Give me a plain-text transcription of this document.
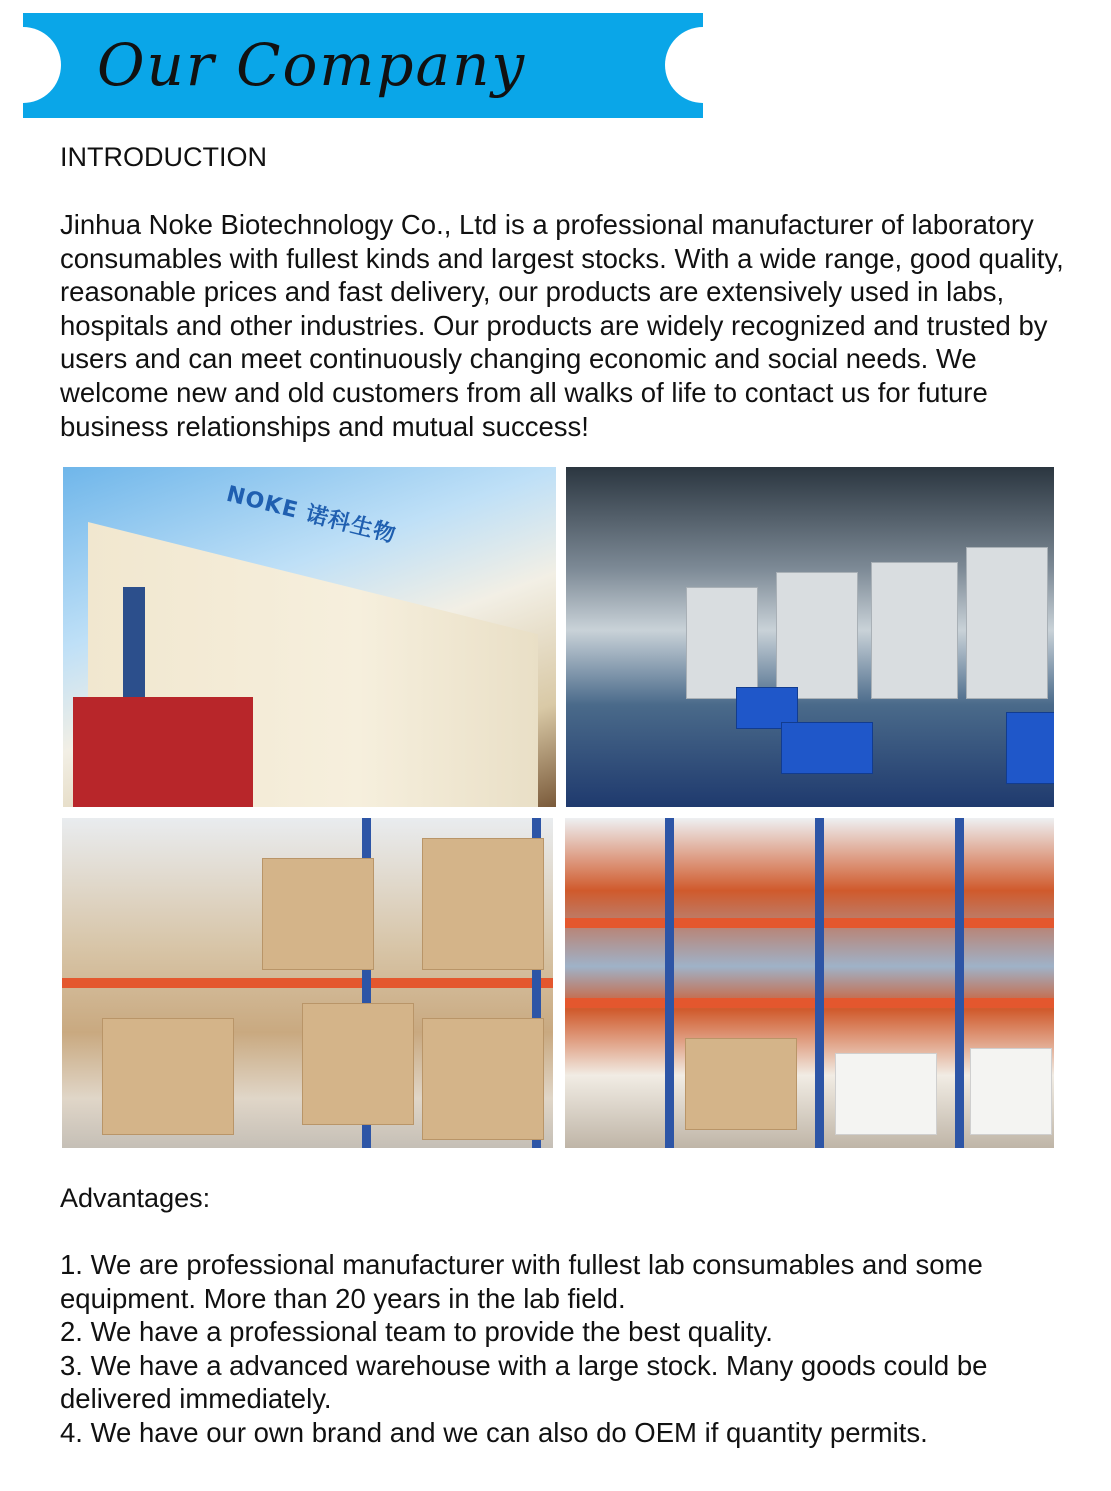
Our Company
INTRODUCTION
Jinhua Noke Biotechnology Co., Ltd is a professional manufacturer of laboratory consumables with fullest kinds and largest stocks. With a wide range, good quality, reasonable prices and fast delivery, our products are extensively used in labs, hospitals and other industries. Our products are widely recognized and trusted by users and can meet continuously changing economic and social needs. We welcome new and old customers from all walks of life to contact us for future business relationships and mutual success!
NOKE 诺科生物
Advantages:
1. We are professional manufacturer with fullest lab consumables and some equipment. More than 20 years in the lab field.
2. We have a professional team to provide the best quality.
3. We have a advanced warehouse with a large stock. Many goods could be delivered immediately.
4. We have our own brand and we can also do OEM if quantity permits.
